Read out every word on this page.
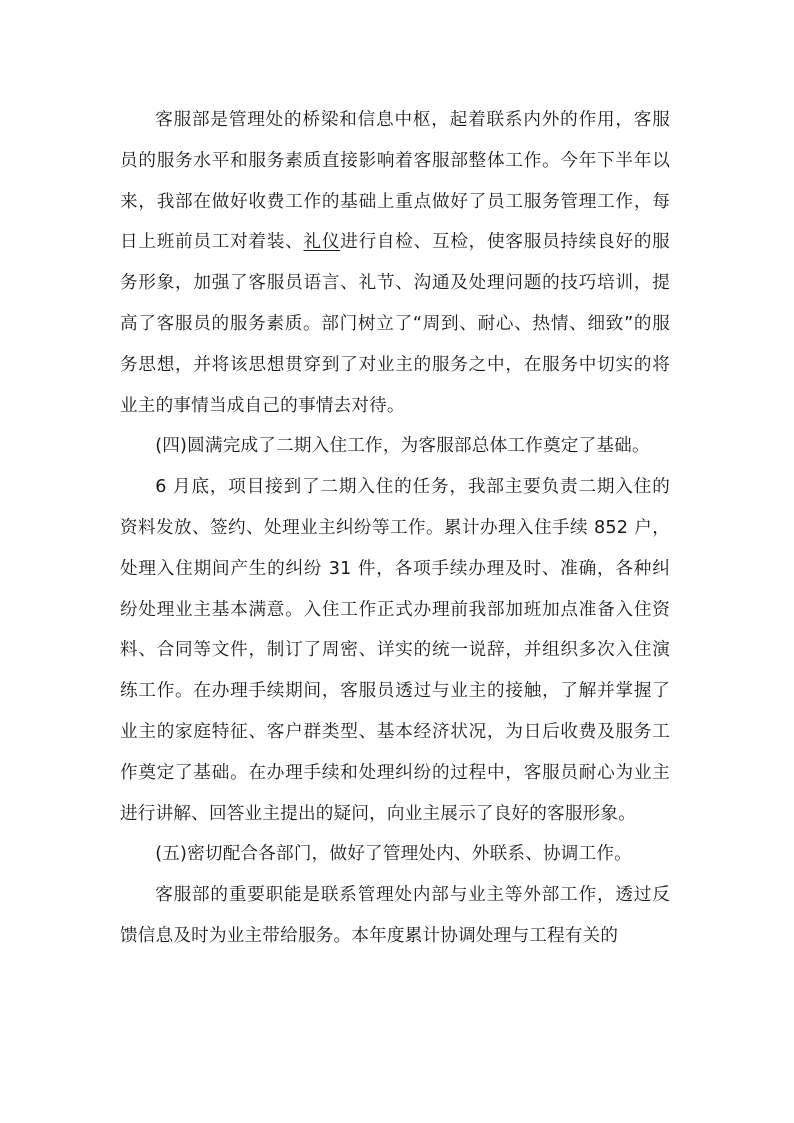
客服部是管理处的桥梁和信息中枢，起着联系内外的作用，客服员的服务水平和服务素质直接影响着客服部整体工作。今年下半年以来，我部在做好收费工作的基础上重点做好了员工服务管理工作，每日上班前员工对着装、礼仪进行自检、互检，使客服员持续良好的服务形象，加强了客服员语言、礼节、沟通及处理问题的技巧培训，提高了客服员的服务素质。部门树立了“周到、耐心、热情、细致”的服务思想，并将该思想贯穿到了对业主的服务之中，在服务中切实的将业主的事情当成自己的事情去对待。

(四)圆满完成了二期入住工作，为客服部总体工作奠定了基础。

6 月底，项目接到了二期入住的任务，我部主要负责二期入住的资料发放、签约、处理业主纠纷等工作。累计办理入住手续 852 户，处理入住期间产生的纠纷 31 件，各项手续办理及时、准确，各种纠纷处理业主基本满意。入住工作正式办理前我部加班加点准备入住资料、合同等文件，制订了周密、详实的统一说辞，并组织多次入住演练工作。在办理手续期间，客服员透过与业主的接触，了解并掌握了业主的家庭特征、客户群类型、基本经济状况，为日后收费及服务工作奠定了基础。在办理手续和处理纠纷的过程中，客服员耐心为业主进行讲解、回答业主提出的疑问，向业主展示了良好的客服形象。

(五)密切配合各部门，做好了管理处内、外联系、协调工作。

客服部的重要职能是联系管理处内部与业主等外部工作，透过反馈信息及时为业主带给服务。本年度累计协调处理与工程有关的
